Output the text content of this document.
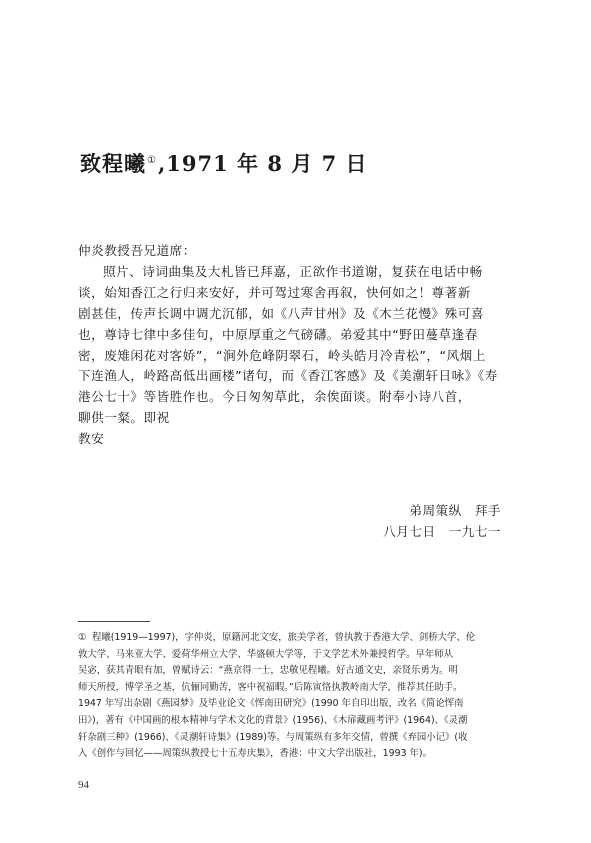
致程曦①,1971 年 8 月 7 日
仲炎教授吾兄道席：
照片、诗词曲集及大札皆已拜嘉，正欲作书道谢，复获在电话中畅
谈，始知香江之行归来安好，并可驾过寒舍再叙，快何如之！尊著新
剧甚佳，传声长调中调尤沉郁，如《八声甘州》及《木兰花慢》殊可喜
也，尊诗七律中多佳句，中原厚重之气磅礴。弟爱其中“野田蔓草逢春
密，废雉闲花对客娇”，“涧外危峰阴翠石，岭头皓月冷青松”，“风烟上
下连渔人，岭路高低出画楼”诸句，而《香江客感》及《美潮轩日咏》《寿
港公七十》等皆胜作也。今日匆匆草此，余俟面谈。附奉小诗八首，
聊供一粲。即祝
教安
弟周策纵　拜手
八月七日　一九七一
① 程曦(1919—1997)，字仲炎，原籍河北文安，旅美学者，曾执教于香港大学、剑桥大学、伦
敦大学、马来亚大学、爱荷华州立大学、华盛顿大学等，于文学艺术外兼授哲学。早年师从
吴宓，获其青眼有加，曾赋诗云：“燕京得一士，忠敬见程曦。好古通文史，亲贤乐勇为。明
师天所授，博学圣之基，伉俪同勤苦，客中祝福暇。”后陈寅恪执教岭南大学，推荐其任助手。
1947 年写出杂剧《燕园梦》及毕业论文《恽南田研究》(1990 年自印出版，改名《简论恽南
田》)，著有《中国画的根本精神与学术文化的背景》(1956)、《木扉藏画考评》(1964)、《灵潮
轩杂剧三种》(1966)、《灵潮轩诗集》(1989)等。与周策纵有多年交情，曾撰《弃园小记》(收
入《创作与回忆——周策纵教授七十五寿庆集》，香港：中文大学出版社，1993 年)。
94
